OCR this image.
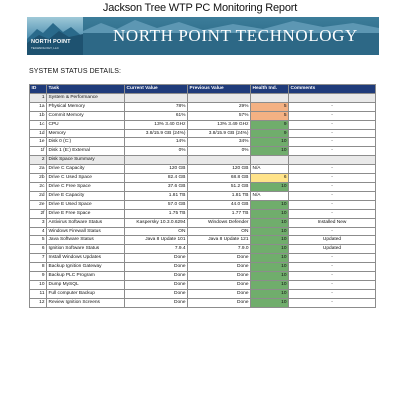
Jackson Tree WTP PC Monitoring Report
NORTH POINT
TECHNOLOGY, LLC
NORTH POINT TECHNOLOGY
SYSTEM STATUS DETAILS:
ID	Task	Current Value	Previous Value	Health Ind.	Comments
1	System & Performance				
1a	Physical Memory	78%	29%	5	-
1b	Commit Memory	61%	57%	5	-
1c	CPU	13% 3.40 GHz	13% 3.49 GHz	9	-
1d	Memory	3.8/15.9 GB (24%)	3.8/15.9 GB (24%)	9	-
1e	Disk 0 (C:)	14%	34%	10	-
1f	Disk 1 (E:) External	0%	0%	10	-
2	Disk Space Summary				
2a	Drive C Capacity	120 GB	120 GB	N/A	-
2b	Drive C Used Space	82.4 GB	68.8 GB	6	-
2c	Drive C Free Space	37.6 GB	51.2 GB	10	-
2d	Drive E Capacity	1.81 TB	1.81 TB	N/A	-
2e	Drive E Used Space	57.0 GB	44.0 GB	10	-
2f	Drive E Free Space	1.75 TB	1.77 TB	10	-
3	Antivirus Software Status	Kaspersky 10.3.0.6294	Windows Defender	10	Installed New
4	Windows Firewall Status	ON	ON	10	-
5	Java Software Status	Java 8 Update 101	Java 8 Update 121	10	Updated
6	Ignition Software Status	7.9.4	7.9.0	10	Updated
7	Install Windows Updates	Done	Done	10	-
8	Backup Ignition Gateway	Done	Done	10	-
9	Backup PLC Program	Done	Done	10	-
10	Dump MySQL	Done	Done	10	-
11	Full computer Backup	Done	Done	10	-
12	Review Ignition Screens	Done	Done	10	-
